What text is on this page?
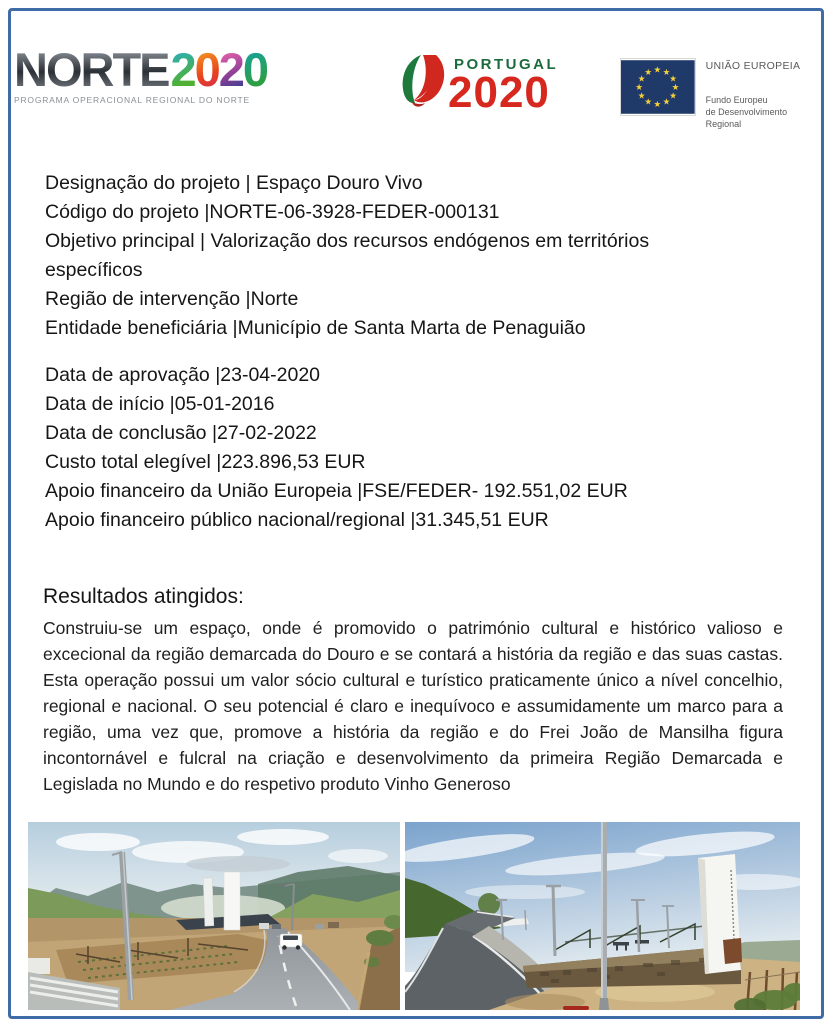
NORTE 2 0 2 0
PROGRAMA OPERACIONAL REGIONAL DO NORTE
PORTUGAL
2020	★ ★
★
★
★
★
★
★
★
★
★
★
UNIÃO EUROPEIA
Fundo Europeu
de Desenvolvimento Regional
Designação do projeto | Espaço Douro Vivo
Código do projeto |NORTE-06-3928-FEDER-000131
Objetivo principal | Valorização dos recursos endógenos em territórios
específicos
Região de intervenção |Norte
Entidade beneficiária |Município de Santa Marta de Penaguião
Data de aprovação |23-04-2020
Data de início |05-01-2016
Data de conclusão |27-02-2022
Custo total elegível |223.896,53 EUR
Apoio financeiro da União Europeia |FSE/FEDER- 192.551,02 EUR
Apoio financeiro público nacional/regional |31.345,51 EUR
Resultados atingidos:

Construiu-se um espaço, onde é promovido o património cultural e histórico valioso e excecional da região demarcada do Douro e se contará a história da região e das suas castas. Esta operação possui um valor sócio cultural e turístico praticamente único a nível concelhio, regional e nacional. O seu potencial é claro e inequívoco e assumidamente um marco para a região, uma vez que, promove a história da região e do Frei João de Mansilha figura incontornável e fulcral na criação e desenvolvimento da primeira Região Demarcada e Legislada no Mundo e do respetivo produto Vinho Generoso
